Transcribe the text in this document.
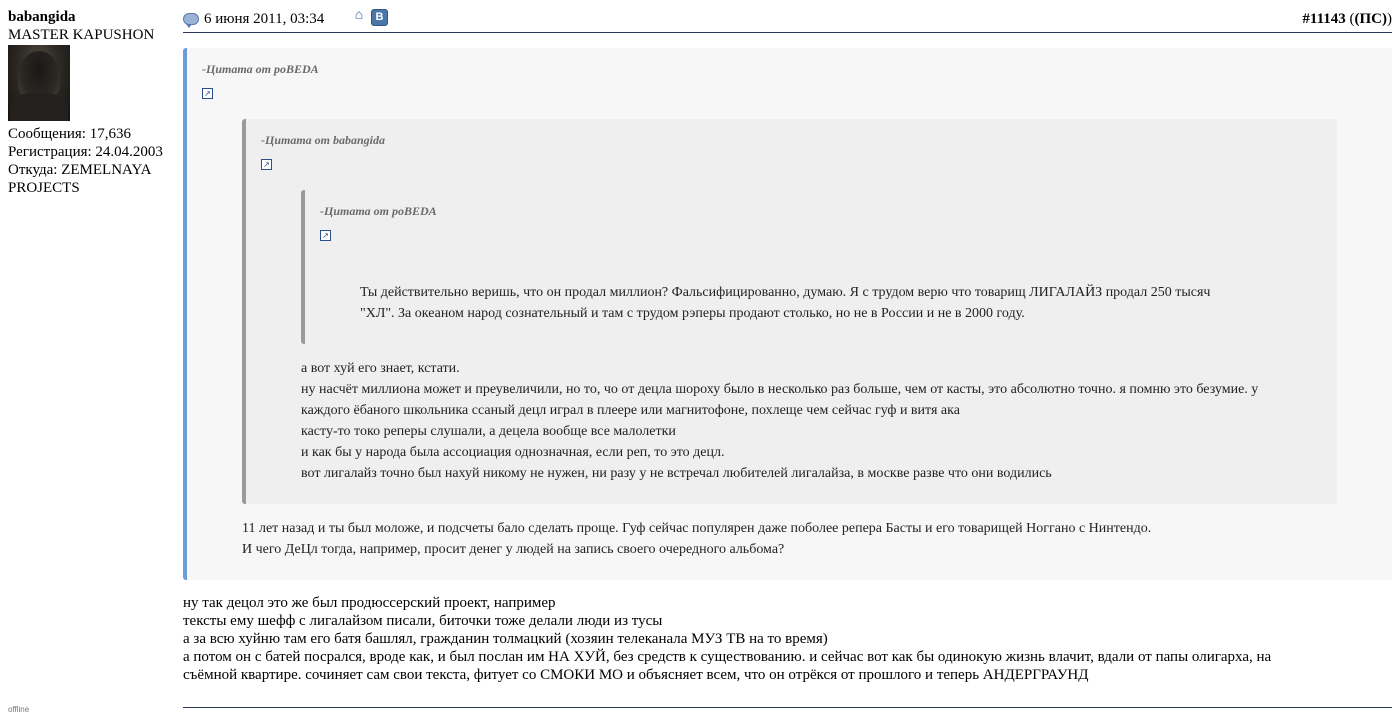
babangida
MASTER KAPUSHON
Сообщения: 17,636
Регистрация: 24.04.2003
Откуда: ZEMELNAYA
PROJECTS
offline
6 июня 2011, 03:34 ⌂	В	#11143 ((ПС))
-Цитата от poBEDA
↗
-Цитата от babangida
↗
-Цитата от poBEDA
↗
Ты действительно веришь, что он продал миллион? Фальсифицированно, думаю. Я с трудом верю что товарищ ЛИГАЛАЙЗ продал 250 тысяч
"ХЛ". За океаном народ сознательный и там с трудом рэперы продают столько, но не в России и не в 2000 году.
а вот хуй его знает, кстати.
ну насчёт миллиона может и преувеличили, но то, чо от децла шороху было в несколько раз больше, чем от касты, это абсолютно точно. я помню это безумие. у
каждого ёбаного школьника ссаный децл играл в плеере или магнитофоне, похлеще чем сейчас гуф и витя ака
касту-то токо реперы слушали, а децела вообще все малолетки
и как бы у народа была ассоциация однозначная, если реп, то это децл.
вот лигалайз точно был нахуй никому не нужен, ни разу у не встречал любителей лигалайза, в москве разве что они водились
11 лет назад и ты был моложе, и подсчеты бало сделать проще. Гуф сейчас популярен даже поболее репера Басты и его товарищей Ноггано с Нинтендо.
И чего ДеЦл тогда, например, просит денег у людей на запись своего очередного альбома?
ну так децол это же был продюссерский проект, например
тексты ему шефф с лигалайзом писали, биточки тоже делали люди из тусы
а за всю хуйню там его батя башлял, гражданин толмацкий (хозяин телеканала МУЗ ТВ на то время)
а потом он с батей посрался, вроде как, и был послан им НА ХУЙ, без средств к существованию. и сейчас вот как бы одинокую жизнь влачит, вдали от папы олигарха, на
съёмной квартире. сочиняет сам свои текста, фитует со СМОКИ МО и объясняет всем, что он отрёкся от прошлого и теперь АНДЕРГРАУНД
